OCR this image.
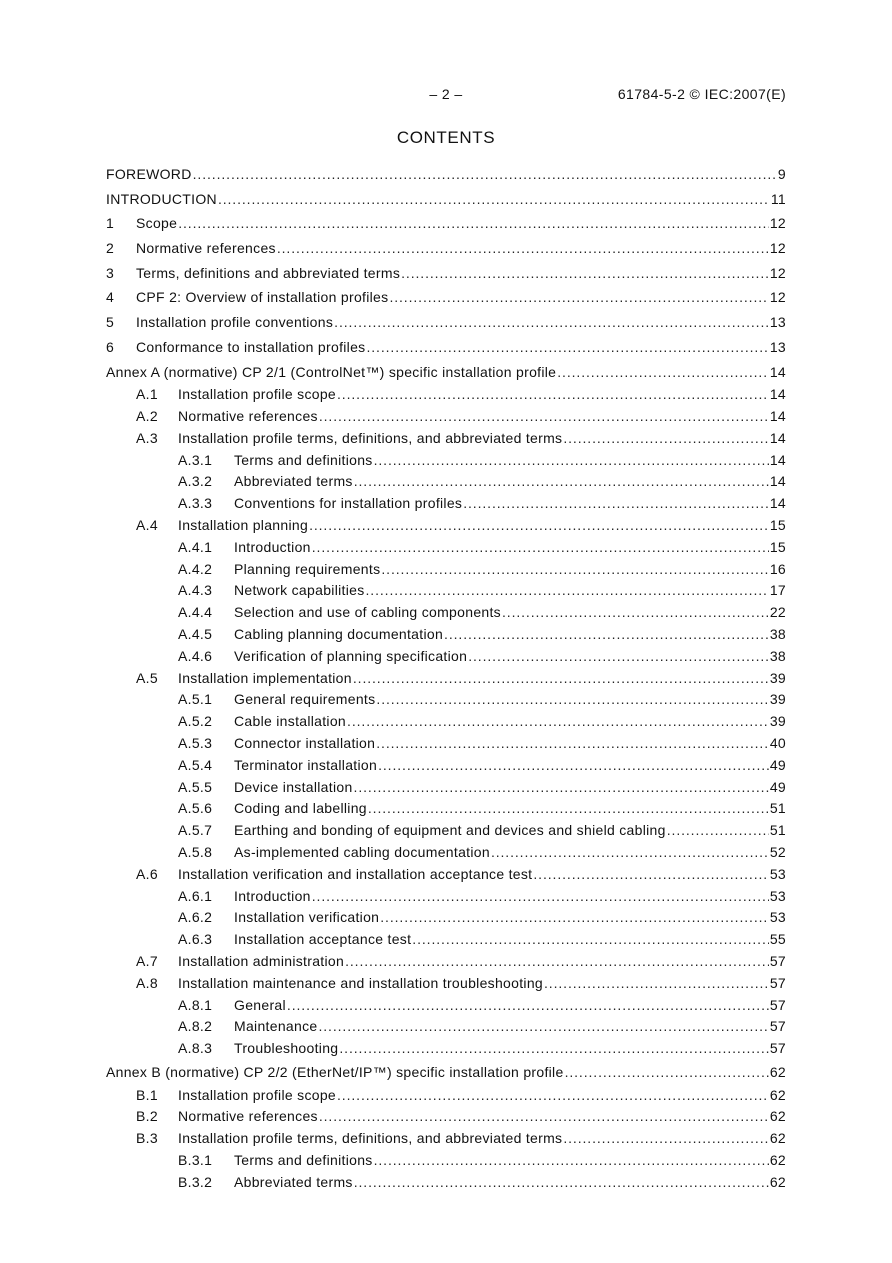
– 2 –	61784-5-2 © IEC:2007(E)
CONTENTS
FOREWORD .....	9
INTRODUCTION .....	11
1	Scope .....	12
2	Normative references .....	12
3	Terms, definitions and abbreviated terms .....	12
4	CPF 2: Overview of installation profiles .....	12
5	Installation profile conventions .....	13
6	Conformance to installation profiles .....	13
Annex A (normative) CP 2/1 (ControlNet™) specific installation profile .....	14
A.1	Installation profile scope .....	14
A.2	Normative references .....	14
A.3	Installation profile terms, definitions, and abbreviated terms .....	14
A.3.1	Terms and definitions .....	14
A.3.2	Abbreviated terms .....	14
A.3.3	Conventions for installation profiles .....	14
A.4	Installation planning .....	15
A.4.1	Introduction .....	15
A.4.2	Planning requirements .....	16
A.4.3	Network capabilities .....	17
A.4.4	Selection and use of cabling components .....	22
A.4.5	Cabling planning documentation .....	38
A.4.6	Verification of planning specification .....	38
A.5	Installation implementation .....	39
A.5.1	General requirements .....	39
A.5.2	Cable installation .....	39
A.5.3	Connector installation .....	40
A.5.4	Terminator installation .....	49
A.5.5	Device installation .....	49
A.5.6	Coding and labelling .....	51
A.5.7	Earthing and bonding of equipment and devices and shield cabling .....	51
A.5.8	As-implemented cabling documentation .....	52
A.6	Installation verification and installation acceptance test .....	53
A.6.1	Introduction .....	53
A.6.2	Installation verification .....	53
A.6.3	Installation acceptance test .....	55
A.7	Installation administration .....	57
A.8	Installation maintenance and installation troubleshooting .....	57
A.8.1	General .....	57
A.8.2	Maintenance .....	57
A.8.3	Troubleshooting .....	57
Annex B (normative) CP 2/2 (EtherNet/IP™) specific installation profile .....	62
B.1	Installation profile scope .....	62
B.2	Normative references .....	62
B.3	Installation profile terms, definitions, and abbreviated terms .....	62
B.3.1	Terms and definitions .....	62
B.3.2	Abbreviated terms .....	62
